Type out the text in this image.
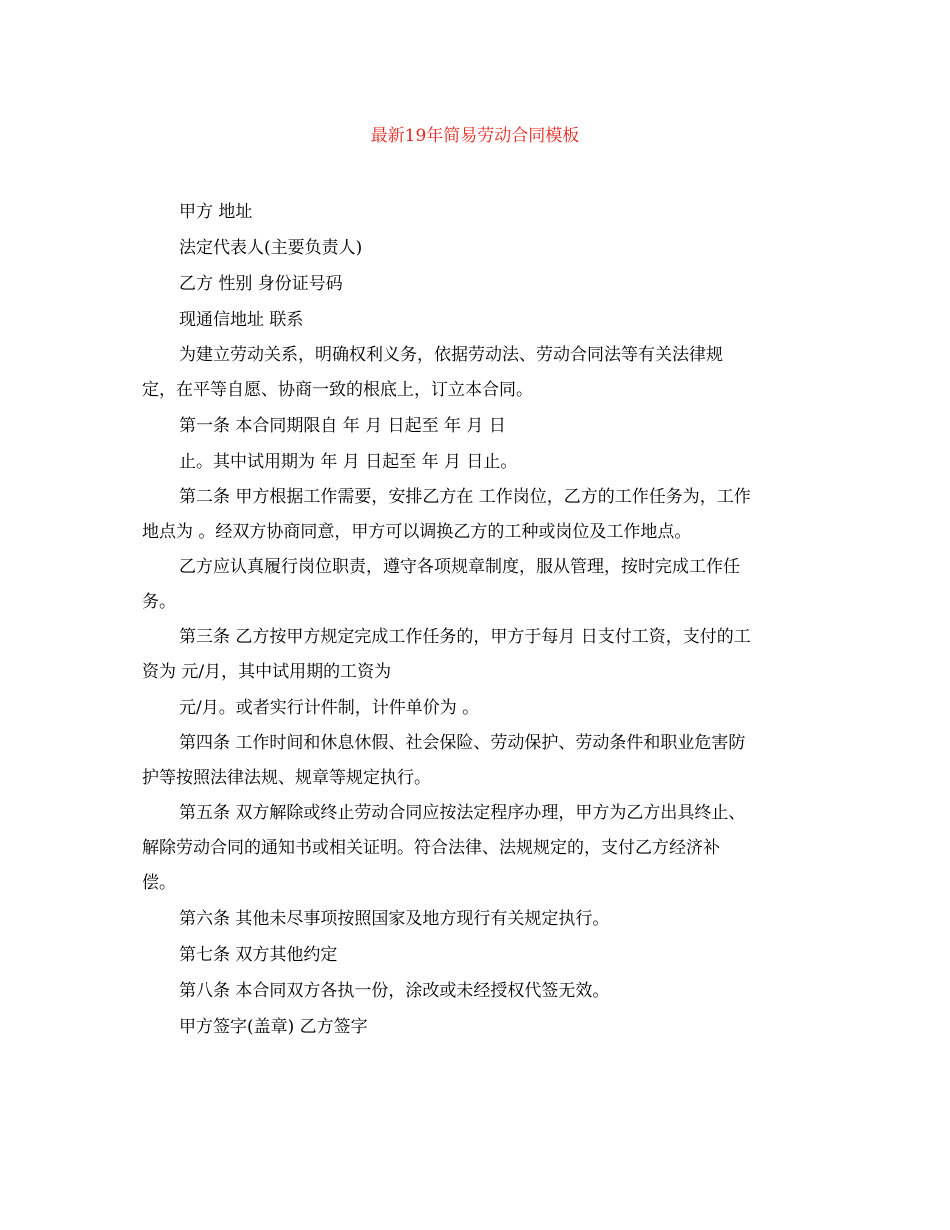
最新19年简易劳动合同模板

甲方 地址

法定代表人(主要负责人)

乙方 性别 身份证号码

现通信地址 联系

为建立劳动关系，明确权利义务，依据劳动法、劳动合同法等有关法律规
定，在平等自愿、协商一致的根底上，订立本合同。

第一条 本合同期限自 年 月 日起至 年 月 日

止。其中试用期为 年 月 日起至 年 月 日止。

第二条 甲方根据工作需要，安排乙方在 工作岗位，乙方的工作任务为，工作
地点为 。经双方协商同意，甲方可以调换乙方的工种或岗位及工作地点。

乙方应认真履行岗位职责，遵守各项规章制度，服从管理，按时完成工作任
务。

第三条 乙方按甲方规定完成工作任务的，甲方于每月 日支付工资，支付的工
资为 元/月，其中试用期的工资为

元/月。或者实行计件制，计件单价为 。

第四条 工作时间和休息休假、社会保险、劳动保护、劳动条件和职业危害防
护等按照法律法规、规章等规定执行。

第五条 双方解除或终止劳动合同应按法定程序办理，甲方为乙方出具终止、
解除劳动合同的通知书或相关证明。符合法律、法规规定的，支付乙方经济补
偿。

第六条 其他未尽事项按照国家及地方现行有关规定执行。

第七条 双方其他约定

第八条 本合同双方各执一份，涂改或未经授权代签无效。

甲方签字(盖章) 乙方签字
